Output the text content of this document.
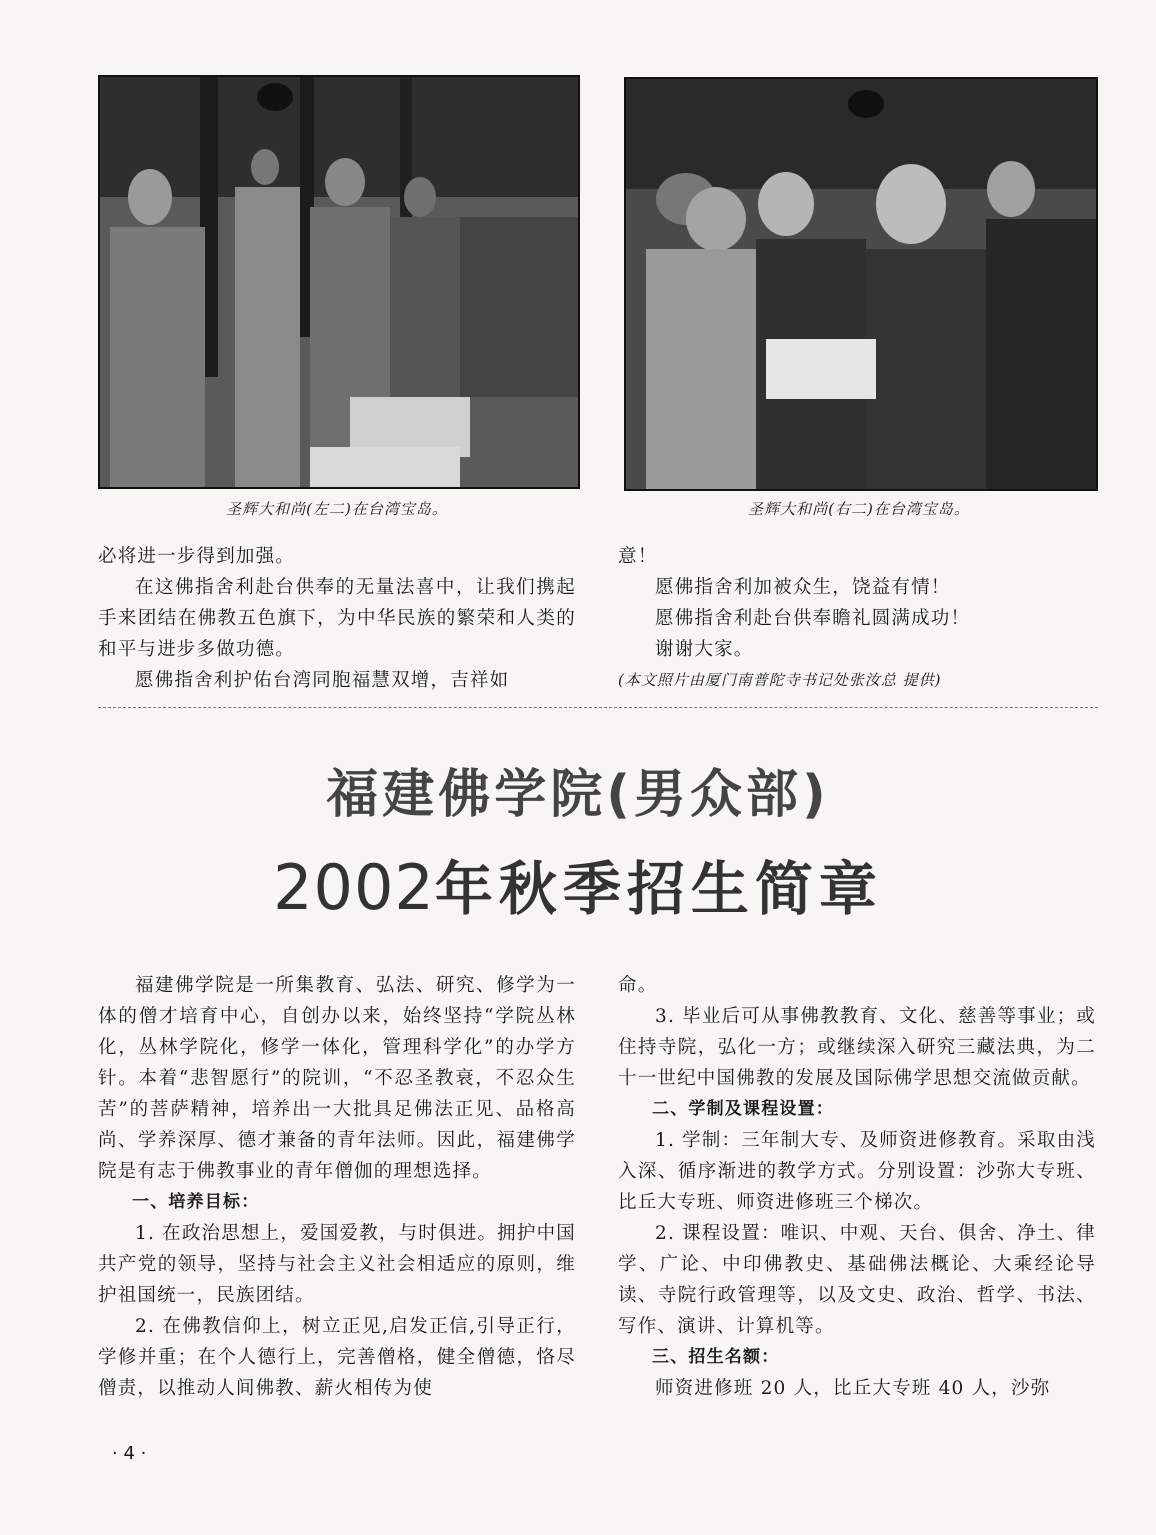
圣辉大和尚(左二)在台湾宝岛。	圣辉大和尚(右二)在台湾宝岛。

必将进一步得到加强。

在这佛指舍利赴台供奉的无量法喜中，让我们携起手来团结在佛教五色旗下，为中华民族的繁荣和人类的和平与进步多做功德。

愿佛指舍利护佑台湾同胞福慧双增，吉祥如

意！

愿佛指舍利加被众生，饶益有情！

愿佛指舍利赴台供奉瞻礼圆满成功！

谢谢大家。

(本文照片由厦门南普陀寺书记处张汝总 提供)

福建佛学院(男众部)
2002年秋季招生简章

福建佛学院是一所集教育、弘法、研究、修学为一体的僧才培育中心，自创办以来，始终坚持“学院丛林化，丛林学院化，修学一体化，管理科学化”的办学方针。本着“悲智愿行”的院训，“不忍圣教衰，不忍众生苦”的菩萨精神，培养出一大批具足佛法正见、品格高尚、学养深厚、德才兼备的青年法师。因此，福建佛学院是有志于佛教事业的青年僧伽的理想选择。

一、培养目标：

1. 在政治思想上，爱国爱教，与时俱进。拥护中国共产党的领导，坚持与社会主义社会相适应的原则，维护祖国统一，民族团结。

2. 在佛教信仰上，树立正见,启发正信,引导正行，学修并重；在个人德行上，完善僧格，健全僧德，恪尽僧责，以推动人间佛教、薪火相传为使

命。

3. 毕业后可从事佛教教育、文化、慈善等事业；或住持寺院，弘化一方；或继续深入研究三藏法典，为二十一世纪中国佛教的发展及国际佛学思想交流做贡献。

二、学制及课程设置：

1. 学制：三年制大专、及师资进修教育。采取由浅入深、循序渐进的教学方式。分别设置：沙弥大专班、比丘大专班、师资进修班三个梯次。

2. 课程设置：唯识、中观、天台、俱舍、净土、律学、广论、中印佛教史、基础佛法概论、大乘经论导读、寺院行政管理等，以及文史、政治、哲学、书法、写作、演讲、计算机等。

三、招生名额：

师资进修班 20 人，比丘大专班 40 人，沙弥

· 4 ·
